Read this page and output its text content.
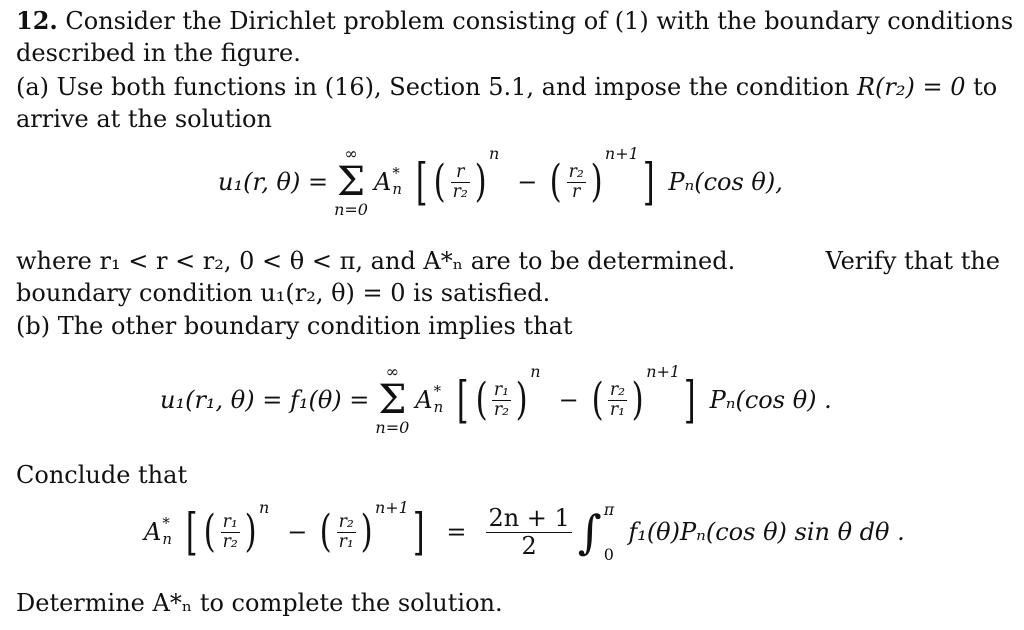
12. Consider the Dirichlet problem consisting of (1) with the boundary conditions
described in the figure.
(a) Use both functions in (16), Section 5.1, and impose the condition R(r₂) = 0 to
arrive at the solution
u₁(r, θ) =
∞
Σ
n=0
A *
n [ ( $\frac{r}{\text{r₂}}$ )
n
− ( $\frac{\text{r₂}}{r}$ )
n+1 ] Pₙ(cos θ),
where r₁ < r < r₂, 0 < θ < π, and A*ₙ are to be determined.	Verify that the
boundary condition u₁(r₂, θ) = 0 is satisfied.
(b) The other boundary condition implies that
u₁(r₁, θ) = f₁(θ) =
∞
Σ
n=0
A *
n [ ( $\frac{\text{r₁}}{\text{r₂}}$ )
n
− ( $\frac{\text{r₂}}{\text{r₁}}$ )
n+1 ] Pₙ(cos θ) .
Conclude that
A *
n [ ( $\frac{\text{r₁}}{\text{r₂}}$ ) n
− ( $\frac{\text{r₂}}{\text{r₁}}$ ) n+1 ] = $\frac{2n + 1}{2}$ ∫ π
0
f₁(θ)Pₙ(cos θ) sin θ dθ .
Determine A*ₙ to complete the solution.
